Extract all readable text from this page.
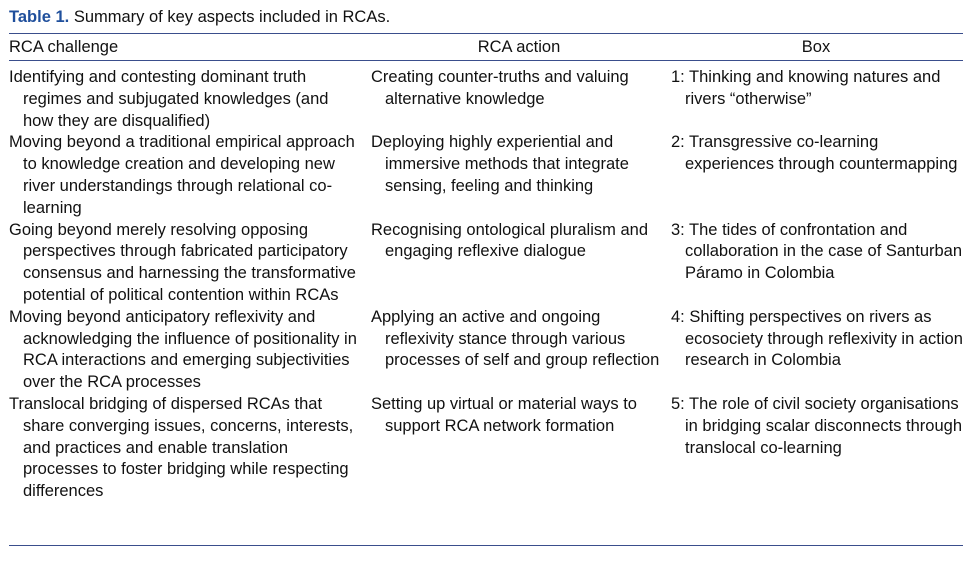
Table 1. Summary of key aspects included in RCAs.
RCA challenge	RCA action	Box

Identifying and contesting dominant truth regimes and subjugated knowledges (and how they are disqualified)	Creating counter-truths and valuing alternative knowledge	1: Thinking and knowing natures and rivers “otherwise”

Moving beyond a traditional empirical approach to knowledge creation and developing new river understandings through relational co-learning	Deploying highly experiential and immersive methods that integrate sensing, feeling and thinking	2: Transgressive co-learning experiences through countermapping

Going beyond merely resolving opposing perspectives through fabricated participatory consensus and harnessing the transformative potential of political contention within RCAs	Recognising ontological pluralism and engaging reflexive dialogue	3: The tides of confrontation and collaboration in the case of Santurban Páramo in Colombia

Moving beyond anticipatory reflexivity and acknowledging the influence of positionality in RCA interactions and emerging subjectivities over the RCA processes	Applying an active and ongoing reflexivity stance through various processes of self and group reflection	4: Shifting perspectives on rivers as ecosociety through reflexivity in action research in Colombia

Translocal bridging of dispersed RCAs that share converging issues, concerns, interests, and practices and enable translation processes to foster bridging while respecting differences	Setting up virtual or material ways to support RCA network formation	5: The role of civil society organisations in bridging scalar disconnects through translocal co-learning
